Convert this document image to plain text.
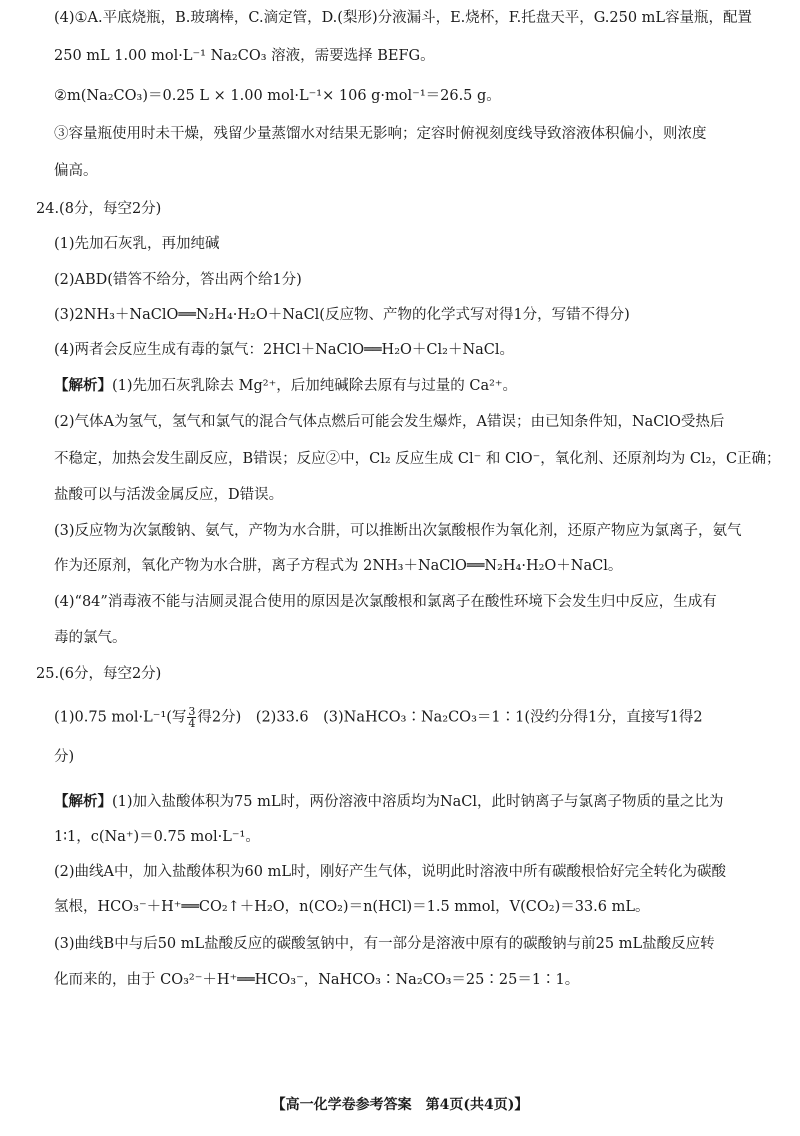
(4)①A.平底烧瓶，B.玻璃棒，C.滴定管，D.(梨形)分液漏斗，E.烧杯，F.托盘天平，G.250 mL容量瓶，配置
250 mL 1.00 mol·L⁻¹ Na₂CO₃ 溶液，需要选择 BEFG。
②m(Na₂CO₃)＝0.25 L × 1.00 mol·L⁻¹× 106 g·mol⁻¹＝26.5 g。
③容量瓶使用时未干燥，残留少量蒸馏水对结果无影响；定容时俯视刻度线导致溶液体积偏小，则浓度
偏高。
24.(8分，每空2分)
(1)先加石灰乳，再加纯碱
(2)ABD(错答不给分，答出两个给1分)
(3)2NH₃＋NaClO══N₂H₄·H₂O＋NaCl(反应物、产物的化学式写对得1分，写错不得分)
(4)两者会反应生成有毒的氯气：2HCl＋NaClO══H₂O＋Cl₂＋NaCl。
【解析】(1)先加石灰乳除去 Mg²⁺，后加纯碱除去原有与过量的 Ca²⁺。
(2)气体A为氢气，氢气和氯气的混合气体点燃后可能会发生爆炸，A错误；由已知条件知，NaClO受热后
不稳定，加热会发生副反应，B错误；反应②中，Cl₂ 反应生成 Cl⁻ 和 ClO⁻，氧化剂、还原剂均为 Cl₂，C正确；
盐酸可以与活泼金属反应，D错误。
(3)反应物为次氯酸钠、氨气，产物为水合肼，可以推断出次氯酸根作为氧化剂，还原产物应为氯离子，氨气
作为还原剂，氧化产物为水合肼，离子方程式为 2NH₃＋NaClO══N₂H₄·H₂O＋NaCl。
(4)“84”消毒液不能与洁厕灵混合使用的原因是次氯酸根和氯离子在酸性环境下会发生归中反应，生成有
毒的氯气。
25.(6分，每空2分)
(1)0.75 mol·L⁻¹(写 $\frac{3}{4}$ 得2分)　(2)33.6　(3)NaHCO₃∶Na₂CO₃＝1∶1(没约分得1分，直接写1得2
分)
【解析】(1)加入盐酸体积为75 mL时，两份溶液中溶质均为NaCl，此时钠离子与氯离子物质的量之比为
1∶1，c(Na⁺)＝0.75 mol·L⁻¹。
(2)曲线A中，加入盐酸体积为60 mL时，刚好产生气体，说明此时溶液中所有碳酸根恰好完全转化为碳酸
氢根，HCO₃⁻＋H⁺══CO₂↑＋H₂O，n(CO₂)＝n(HCl)＝1.5 mmol，V(CO₂)＝33.6 mL。
(3)曲线B中与后50 mL盐酸反应的碳酸氢钠中，有一部分是溶液中原有的碳酸钠与前25 mL盐酸反应转
化而来的，由于 CO₃²⁻＋H⁺══HCO₃⁻，NaHCO₃∶Na₂CO₃＝25∶25＝1∶1。
【高一化学卷参考答案　第4页(共4页)】
